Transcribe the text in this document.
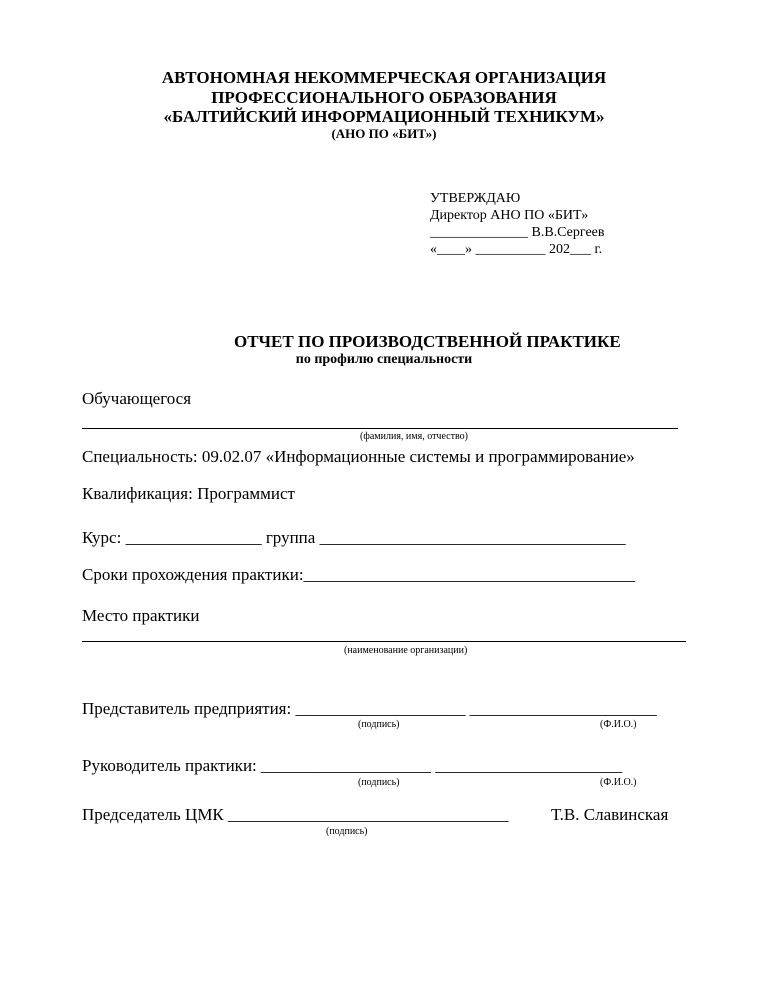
АВТОНОМНАЯ НЕКОММЕРЧЕСКАЯ ОРГАНИЗАЦИЯ
ПРОФЕССИОНАЛЬНОГО ОБРАЗОВАНИЯ
«БАЛТИЙСКИЙ ИНФОРМАЦИОННЫЙ ТЕХНИКУМ»
(АНО ПО «БИТ»)
УТВЕРЖДАЮ
Директор АНО ПО «БИТ»
______________ В.В.Сергеев
«____» __________ 202___ г.
ОТЧЕТ ПО ПРОИЗВОДСТВЕННОЙ ПРАКТИКЕ
по профилю специальности
Обучающегося
(фамилия, имя, отчество)
Специальность: 09.02.07 «Информационные системы и программирование»
Квалификация: Программист
Курс: ________________ группа ____________________________________
Сроки прохождения практики:_______________________________________
Место практики
(наименование организации)
Представитель предприятия: ____________________ ______________________
(подпись)	(Ф.И.О.)
Руководитель практики: ____________________ ______________________
(подпись)	(Ф.И.О.)
Председатель ЦМК _________________________________ Т.В. Славинская
(подпись)
